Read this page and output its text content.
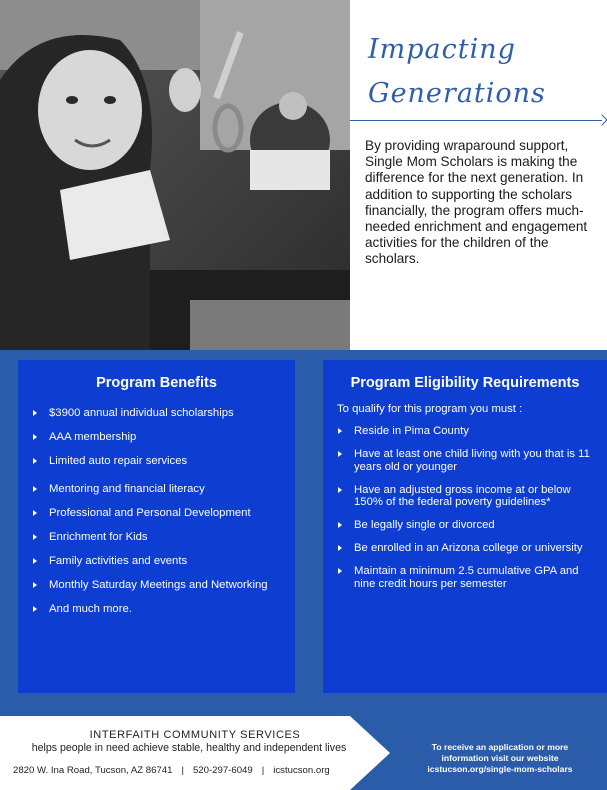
Impacting
Generations
By providing wraparound support, Single Mom Scholars is making the difference for the next generation. In addition to supporting the scholars financially, the program offers much-needed enrichment and engagement activities for the children of the scholars.
Program Benefits
$3900 annual individual scholarships
AAA membership
Limited auto repair services
Mentoring and financial literacy
Professional and Personal Development
Enrichment for Kids
Family activities and events
Monthly Saturday Meetings and Networking
And much more.
Program Eligibility Requirements
To qualify for this program you must :
Reside in Pima County
Have at least one child living with you that is 11 years old or younger
Have an adjusted gross income at or below 150% of the federal poverty guidelines*
Be legally single or divorced
Be enrolled in an Arizona college or university
Maintain a minimum 2.5 cumulative GPA and nine credit hours per semester
INTERFAITH COMMUNITY SERVICES
helps people in need achieve stable, healthy and independent lives
2820 W. Ina Road, Tucson, AZ 86741 | 520-297-6049 | icstucson.org
To receive an application or more
information visit our website
icstucson.org/single-mom-scholars
